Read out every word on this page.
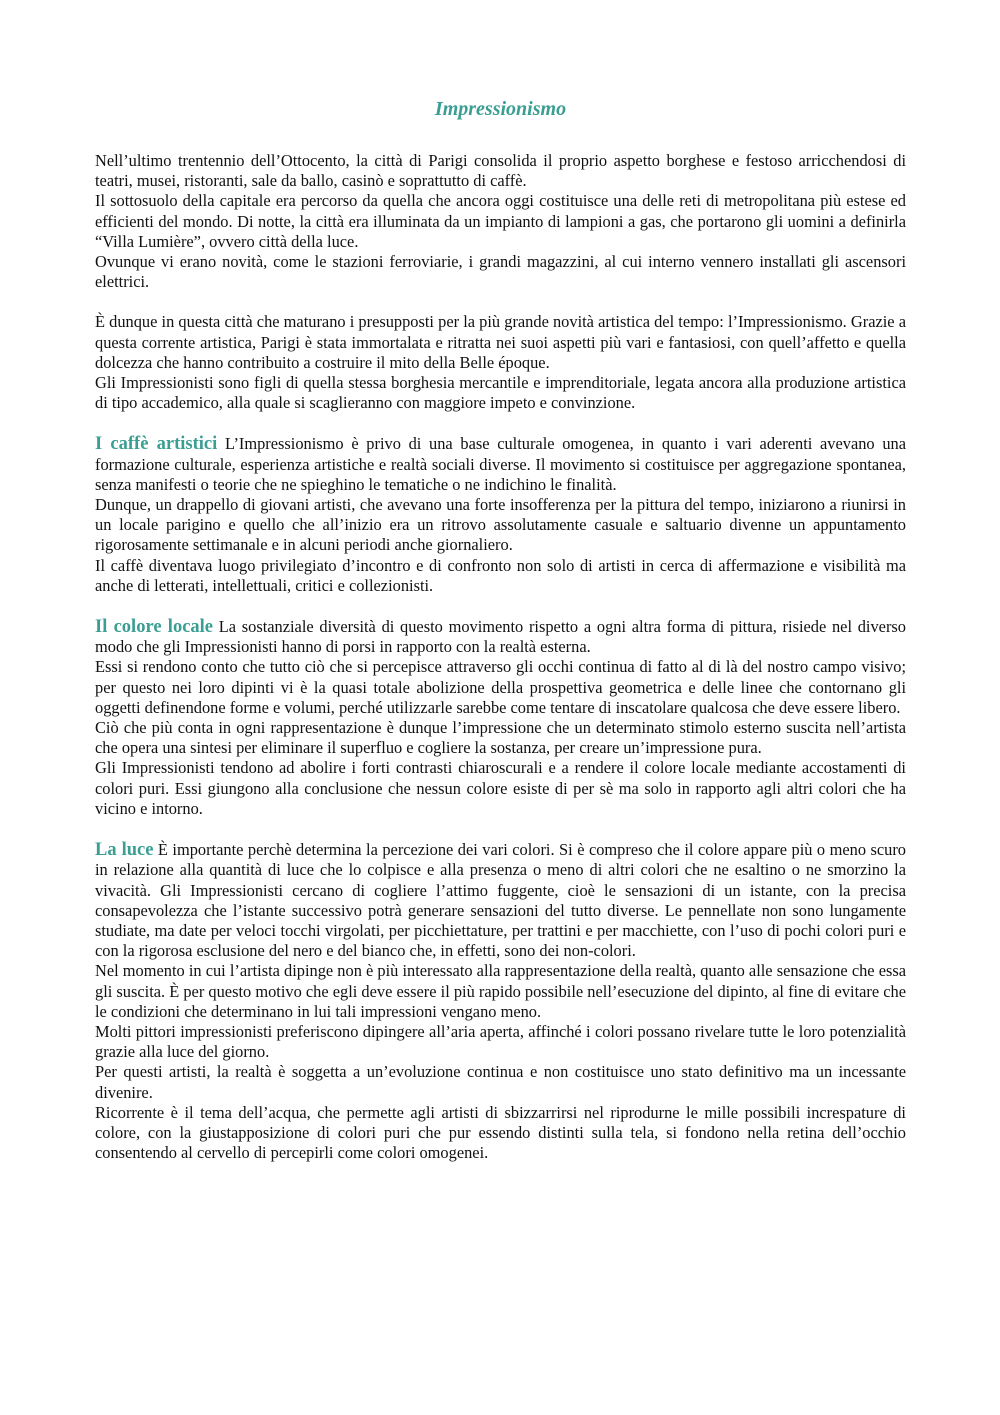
Impressionismo

Nell’ultimo trentennio dell’Ottocento, la città di Parigi consolida il proprio aspetto borghese e festoso arricchendosi di teatri, musei, ristoranti, sale da ballo, casinò e soprattutto di caffè.

Il sottosuolo della capitale era percorso da quella che ancora oggi costituisce una delle reti di metropolitana più estese ed efficienti del mondo. Di notte, la città era illuminata da un impianto di lampioni a gas, che portarono gli uomini a definirla “Villa Lumière”, ovvero città della luce.

Ovunque vi erano novità, come le stazioni ferroviarie, i grandi magazzini, al cui interno vennero installati gli ascensori elettrici.

È dunque in questa città che maturano i presupposti per la più grande novità artistica del tempo: l’Impressionismo. Grazie a questa corrente artistica, Parigi è stata immortalata e ritratta nei suoi aspetti più vari e fantasiosi, con quell’affetto e quella dolcezza che hanno contribuito a costruire il mito della Belle époque.

Gli Impressionisti sono figli di quella stessa borghesia mercantile e imprenditoriale, legata ancora alla produzione artistica di tipo accademico, alla quale si scaglieranno con maggiore impeto e convinzione.

I caffè artistici L’Impressionismo è privo di una base culturale omogenea, in quanto i vari aderenti avevano una formazione culturale, esperienza artistiche e realtà sociali diverse. Il movimento si costituisce per aggregazione spontanea, senza manifesti o teorie che ne spieghino le tematiche o ne indichino le finalità.

Dunque, un drappello di giovani artisti, che avevano una forte insofferenza per la pittura del tempo, iniziarono a riunirsi in un locale parigino e quello che all’inizio era un ritrovo assolutamente casuale e saltuario divenne un appuntamento rigorosamente settimanale e in alcuni periodi anche giornaliero.

Il caffè diventava luogo privilegiato d’incontro e di confronto non solo di artisti in cerca di affermazione e visibilità ma anche di letterati, intellettuali, critici e collezionisti.

Il colore locale La sostanziale diversità di questo movimento rispetto a ogni altra forma di pittura, risiede nel diverso modo che gli Impressionisti hanno di porsi in rapporto con la realtà esterna.

Essi si rendono conto che tutto ciò che si percepisce attraverso gli occhi continua di fatto al di là del nostro campo visivo; per questo nei loro dipinti vi è la quasi totale abolizione della prospettiva geometrica e delle linee che contornano gli oggetti definendone forme e volumi, perché utilizzarle sarebbe come tentare di inscatolare qualcosa che deve essere libero.

Ciò che più conta in ogni rappresentazione è dunque l’impressione che un determinato stimolo esterno suscita nell’artista che opera una sintesi per eliminare il superfluo e cogliere la sostanza, per creare un’impressione pura.

Gli Impressionisti tendono ad abolire i forti contrasti chiaroscurali e a rendere il colore locale mediante accostamenti di colori puri. Essi giungono alla conclusione che nessun colore esiste di per sè ma solo in rapporto agli altri colori che ha vicino e intorno.

La luce È importante perchè determina la percezione dei vari colori. Si è compreso che il colore appare più o meno scuro in relazione alla quantità di luce che lo colpisce e alla presenza o meno di altri colori che ne esaltino o ne smorzino la vivacità. Gli Impressionisti cercano di cogliere l’attimo fuggente, cioè le sensazioni di un istante, con la precisa consapevolezza che l’istante successivo potrà generare sensazioni del tutto diverse. Le pennellate non sono lungamente studiate, ma date per veloci tocchi virgolati, per picchiettature, per trattini e per macchiette, con l’uso di pochi colori puri e con la rigorosa esclusione del nero e del bianco che, in effetti, sono dei non-colori.

Nel momento in cui l’artista dipinge non è più interessato alla rappresentazione della realtà, quanto alle sensazione che essa gli suscita. È per questo motivo che egli deve essere il più rapido possibile nell’esecuzione del dipinto, al fine di evitare che le condizioni che determinano in lui tali impressioni vengano meno.

Molti pittori impressionisti preferiscono dipingere all’aria aperta, affinché i colori possano rivelare tutte le loro potenzialità grazie alla luce del giorno.

Per questi artisti, la realtà è soggetta a un’evoluzione continua e non costituisce uno stato definitivo ma un incessante divenire.

Ricorrente è il tema dell’acqua, che permette agli artisti di sbizzarrirsi nel riprodurne le mille possibili increspature di colore, con la giustapposizione di colori puri che pur essendo distinti sulla tela, si fondono nella retina dell’occhio consentendo al cervello di percepirli come colori omogenei.
